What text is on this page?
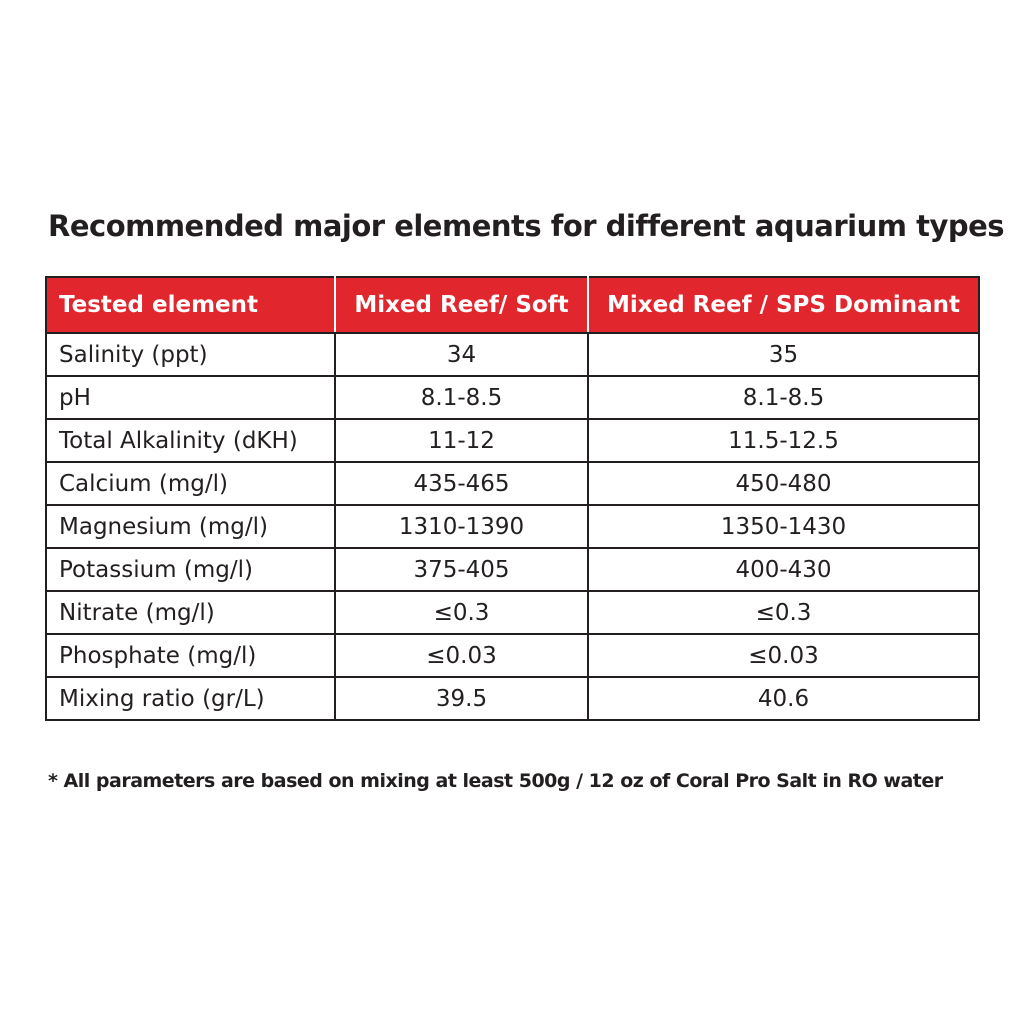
Recommended major elements for different aquarium types
Tested element	Mixed Reef/ Soft	Mixed Reef / SPS Dominant
Salinity (ppt)	34	35
pH	8.1-8.5	8.1-8.5
Total Alkalinity (dKH)	11-12	11.5-12.5
Calcium (mg/l)	435-465	450-480
Magnesium (mg/l)	1310-1390	1350-1430
Potassium (mg/l)	375-405	400-430
Nitrate (mg/l)	≤0.3	≤0.3
Phosphate (mg/l)	≤0.03	≤0.03
Mixing ratio (gr/L)	39.5	40.6
* All parameters are based on mixing at least 500g / 12 oz of Coral Pro Salt in RO water
